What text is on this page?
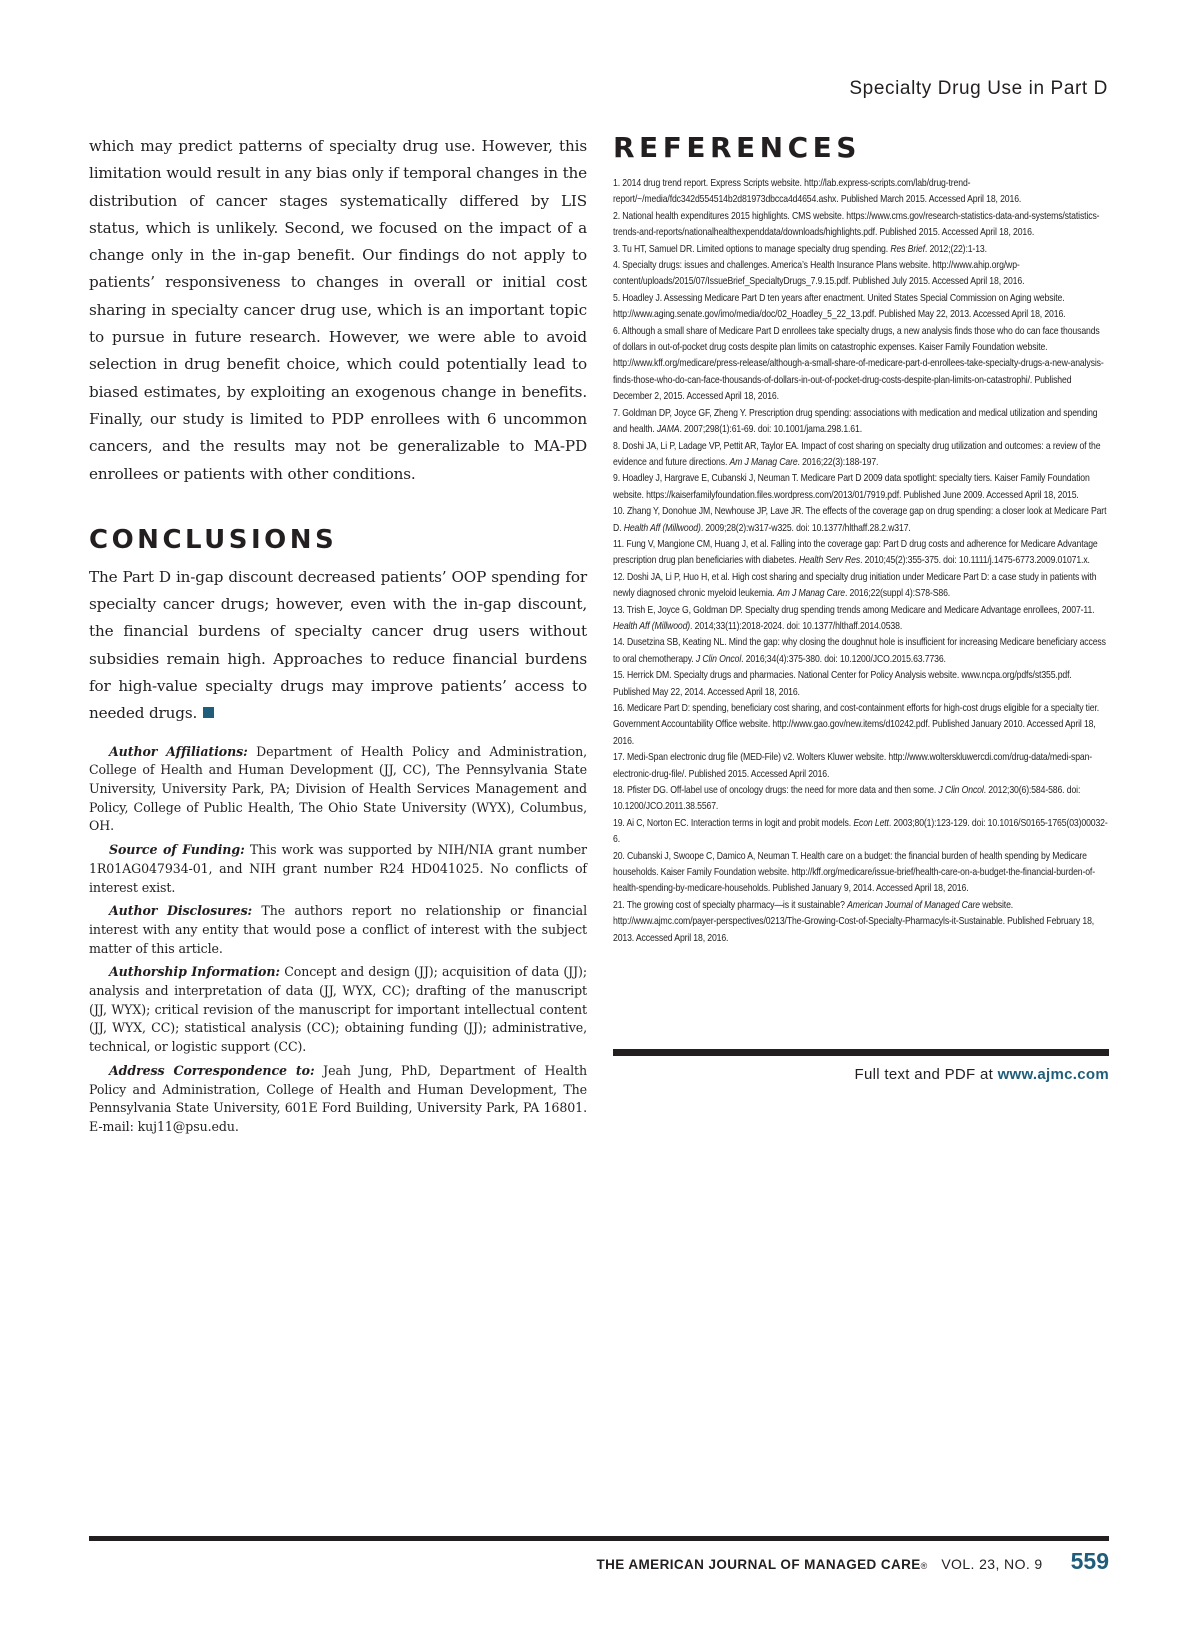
Specialty Drug Use in Part D

which may predict patterns of specialty drug use. However, this limitation would result in any bias only if temporal changes in the distribution of cancer stages systematically differed by LIS status, which is unlikely. Second, we focused on the impact of a change only in the in-gap benefit. Our findings do not apply to patients’ responsiveness to changes in overall or initial cost sharing in specialty cancer drug use, which is an important topic to pursue in future research. However, we were able to avoid selection in drug benefit choice, which could potentially lead to biased estimates, by exploiting an exogenous change in benefits. Finally, our study is limited to PDP enrollees with 6 uncommon cancers, and the results may not be generalizable to MA-PD enrollees or patients with other conditions.

CONCLUSIONS

The Part D in-gap discount decreased patients’ OOP spending for specialty cancer drugs; however, even with the in-gap discount, the financial burdens of specialty cancer drug users without subsidies remain high. Approaches to reduce financial burdens for high-value specialty drugs may improve patients’ access to needed drugs.

Author Affiliations: Department of Health Policy and Administration, College of Health and Human Development (JJ, CC), The Pennsylvania State University, University Park, PA; Division of Health Services Management and Policy, College of Public Health, The Ohio State University (WYX), Columbus, OH.

Source of Funding: This work was supported by NIH/NIA grant number 1R01AG047934-01, and NIH grant number R24 HD041025. No conflicts of interest exist.

Author Disclosures: The authors report no relationship or financial interest with any entity that would pose a conflict of interest with the subject matter of this article.

Authorship Information: Concept and design (JJ); acquisition of data (JJ); analysis and interpretation of data (JJ, WYX, CC); drafting of the manuscript (JJ, WYX); critical revision of the manuscript for important intellectual content (JJ, WYX, CC); statistical analysis (CC); obtaining funding (JJ); administrative, technical, or logistic support (CC).

Address Correspondence to: Jeah Jung, PhD, Department of Health Policy and Administration, College of Health and Human Development, The Pennsylvania State University, 601E Ford Building, University Park, PA 16801. E-mail: kuj11@psu.edu.

REFERENCES
1. 2014 drug trend report. Express Scripts website. http://lab.express-scripts.com/lab/drug-trend-report/~/media/fdc342d554514b2d81973dbcca4d4654.ashx. Published March 2015. Accessed April 18, 2016.
2. National health expenditures 2015 highlights. CMS website. https://www.cms.gov/research-statistics-data-and-systems/statistics-trends-and-reports/nationalhealthexpenddata/downloads/highlights.pdf. Published 2015. Accessed April 18, 2016.
3. Tu HT, Samuel DR. Limited options to manage specialty drug spending. Res Brief. 2012;(22):1-13.
4. Specialty drugs: issues and challenges. America’s Health Insurance Plans website. http://www.ahip.org/wp-content/uploads/2015/07/IssueBrief_SpecialtyDrugs_7.9.15.pdf. Published July 2015. Accessed April 18, 2016.
5. Hoadley J. Assessing Medicare Part D ten years after enactment. United States Special Commission on Aging website. http://www.aging.senate.gov/imo/media/doc/02_Hoadley_5_22_13.pdf. Published May 22, 2013. Accessed April 18, 2016.
6. Although a small share of Medicare Part D enrollees take specialty drugs, a new analysis finds those who do can face thousands of dollars in out-of-pocket drug costs despite plan limits on catastrophic expenses. Kaiser Family Foundation website. http://www.kff.org/medicare/press-release/although-a-small-share-of-medicare-part-d-enrollees-take-specialty-drugs-a-new-analysis-finds-those-who-do-can-face-thousands-of-dollars-in-out-of-pocket-drug-costs-despite-plan-limits-on-catastrophi/. Published December 2, 2015. Accessed April 18, 2016.
7. Goldman DP, Joyce GF, Zheng Y. Prescription drug spending: associations with medication and medical utilization and spending and health. JAMA. 2007;298(1):61-69. doi: 10.1001/jama.298.1.61.
8. Doshi JA, Li P, Ladage VP, Pettit AR, Taylor EA. Impact of cost sharing on specialty drug utilization and outcomes: a review of the evidence and future directions. Am J Manag Care. 2016;22(3):188-197.
9. Hoadley J, Hargrave E, Cubanski J, Neuman T. Medicare Part D 2009 data spotlight: specialty tiers. Kaiser Family Foundation website. https://kaiserfamilyfoundation.files.wordpress.com/2013/01/7919.pdf. Published June 2009. Accessed April 18, 2015.
10. Zhang Y, Donohue JM, Newhouse JP, Lave JR. The effects of the coverage gap on drug spending: a closer look at Medicare Part D. Health Aff (Millwood). 2009;28(2):w317-w325. doi: 10.1377/hlthaff.28.2.w317.
11. Fung V, Mangione CM, Huang J, et al. Falling into the coverage gap: Part D drug costs and adherence for Medicare Advantage prescription drug plan beneficiaries with diabetes. Health Serv Res. 2010;45(2):355-375. doi: 10.1111/j.1475-6773.2009.01071.x.
12. Doshi JA, Li P, Huo H, et al. High cost sharing and specialty drug initiation under Medicare Part D: a case study in patients with newly diagnosed chronic myeloid leukemia. Am J Manag Care. 2016;22(suppl 4):S78-S86.
13. Trish E, Joyce G, Goldman DP. Specialty drug spending trends among Medicare and Medicare Advantage enrollees, 2007-11. Health Aff (Millwood). 2014;33(11):2018-2024. doi: 10.1377/hlthaff.2014.0538.
14. Dusetzina SB, Keating NL. Mind the gap: why closing the doughnut hole is insufficient for increasing Medicare beneficiary access to oral chemotherapy. J Clin Oncol. 2016;34(4):375-380. doi: 10.1200/JCO.2015.63.7736.
15. Herrick DM. Specialty drugs and pharmacies. National Center for Policy Analysis website. www.ncpa.org/pdfs/st355.pdf. Published May 22, 2014. Accessed April 18, 2016.
16. Medicare Part D: spending, beneficiary cost sharing, and cost-containment efforts for high-cost drugs eligible for a specialty tier. Government Accountability Office website. http://www.gao.gov/new.items/d10242.pdf. Published January 2010. Accessed April 18, 2016.
17. Medi-Span electronic drug file (MED-File) v2. Wolters Kluwer website. http://www.wolterskluwercdi.com/drug-data/medi-span-electronic-drug-file/. Published 2015. Accessed April 2016.
18. Pfister DG. Off-label use of oncology drugs: the need for more data and then some. J Clin Oncol. 2012;30(6):584-586. doi: 10.1200/JCO.2011.38.5567.
19. Ai C, Norton EC. Interaction terms in logit and probit models. Econ Lett. 2003;80(1):123-129. doi: 10.1016/S0165-1765(03)00032-6.
20. Cubanski J, Swoope C, Damico A, Neuman T. Health care on a budget: the financial burden of health spending by Medicare households. Kaiser Family Foundation website. http://kff.org/medicare/issue-brief/health-care-on-a-budget-the-financial-burden-of-health-spending-by-medicare-households. Published January 9, 2014. Accessed April 18, 2016.
21. The growing cost of specialty pharmacy—is it sustainable? American Journal of Managed Care website. http://www.ajmc.com/payer-perspectives/0213/The-Growing-Cost-of-Specialty-Pharmacyls-it-Sustainable. Published February 18, 2013. Accessed April 18, 2016.
Full text and PDF at www.ajmc.com
THE AMERICAN JOURNAL OF MANAGED CARE ® VOL. 23, NO. 9 559
